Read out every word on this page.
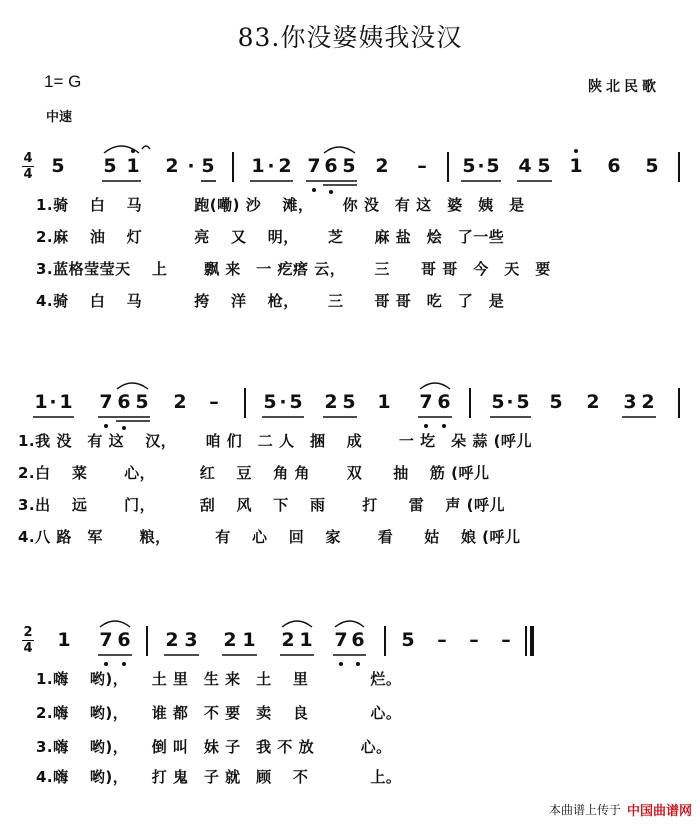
83.你没婆姨我没汉
1= G	陕北民歌
中速
4
4 5 5 1 2 · 5 1 · 2 7 6 5 2 – 5 · 5 4 5 1 6 5
1.骑　 白　 马　　　 跑(嘞) 沙　 滩，　　 你 没　有 这　婆　姨　是
2.麻　 油　 灯　　　 亮　 又　 明，　　 芝　　麻 盐　烩　了一些
3.蓝格莹莹天　 上　　 飘 来　一 疙瘩 云，　　 三　　哥 哥　今　天　要
4.骑　 白　 马　　　 挎　 洋　 枪，　　 三　　哥 哥　吃　了　是
1 · 1 7 6 5 2 – 5 · 5 2 5 1 7 6 5 · 5 5 2 3 2
1.我 没　有 这　 汉，　　 咱 们　二 人　捆　 成　　 一 圪　朵 蒜 (呼儿
2.白　 菜　　 心，　　　 红　 豆　 角 角　　 双　　抽　 筋 (呼儿
3.出　 远　　 门，　　　 刮　 风　 下　 雨　　 打　　雷　 声 (呼儿
4.八 路　军　　 粮，　　　 有　 心　 回　 家　　 看　　姑　 娘 (呼儿
2
4 1 7 6 2 3 2 1 2 1 7 6 5 – – –
1.嗨　 哟)，　　土 里　生 来　土　 里　　　　烂。
2.嗨　 哟)，　　谁 都　不 要　卖　 良　　　　心。
3.嗨　 哟)，　　倒 叫　妹 子　我 不 放　　　心。
4.嗨　 哟)，　　打 鬼　子 就　顾　 不　　　　上。
本曲谱上传于 中国曲谱网
